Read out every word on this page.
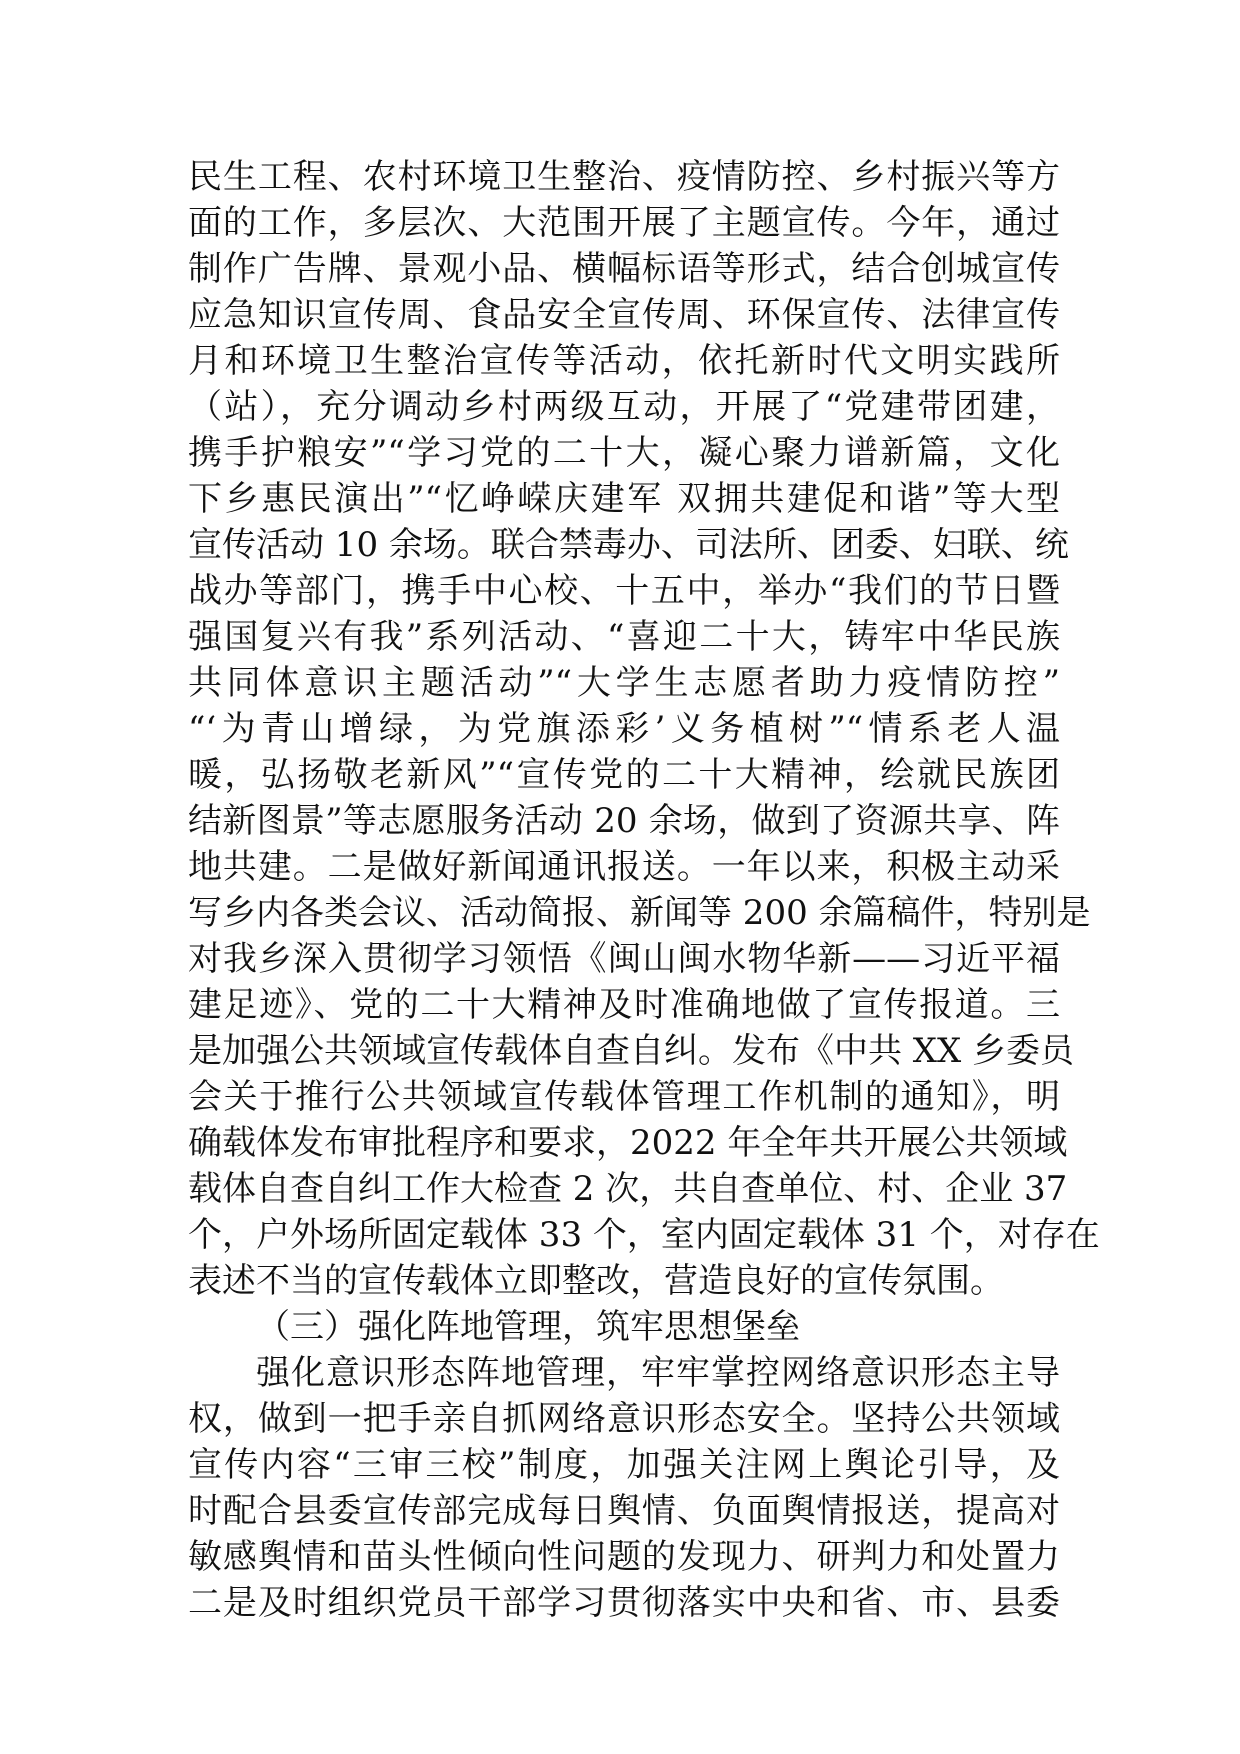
民生工程、农村环境卫生整治、疫情防控、乡村振兴等方
面的工作，多层次、大范围开展了主题宣传。今年，通过
制作广告牌、景观小品、横幅标语等形式，结合创城宣传
应急知识宣传周、食品安全宣传周、环保宣传、法律宣传
月和环境卫生整治宣传等活动，依托新时代文明实践所
（站），充分调动乡村两级互动，开展了“党建带团建，
携手护粮安”“学习党的二十大，凝心聚力谱新篇，文化
下乡惠民演出”“忆峥嵘庆建军 双拥共建促和谐”等大型
宣传活动 10 余场。联合禁毒办、司法所、团委、妇联、统
战办等部门，携手中心校、十五中，举办“我们的节日暨
强国复兴有我”系列活动、“喜迎二十大，铸牢中华民族
共同体意识主题活动”“大学生志愿者助力疫情防控”
“‘为青山增绿，为党旗添彩’义务植树”“情系老人温
暖，弘扬敬老新风”“宣传党的二十大精神，绘就民族团
结新图景”等志愿服务活动 20 余场，做到了资源共享、阵
地共建。二是做好新闻通讯报送。一年以来，积极主动采
写乡内各类会议、活动简报、新闻等 200 余篇稿件，特别是
对我乡深入贯彻学习领悟《闽山闽水物华新——习近平福
建足迹》、党的二十大精神及时准确地做了宣传报道。三
是加强公共领域宣传载体自查自纠。发布《中共 XX 乡委员
会关于推行公共领域宣传载体管理工作机制的通知》，明
确载体发布审批程序和要求，2022 年全年共开展公共领域
载体自查自纠工作大检查 2 次，共自查单位、村、企业 37
个，户外场所固定载体 33 个，室内固定载体 31 个，对存在
表述不当的宣传载体立即整改，营造良好的宣传氛围。
（三）强化阵地管理，筑牢思想堡垒
强化意识形态阵地管理，牢牢掌控网络意识形态主导
权，做到一把手亲自抓网络意识形态安全。坚持公共领域
宣传内容“三审三校”制度，加强关注网上舆论引导，及
时配合县委宣传部完成每日舆情、负面舆情报送，提高对
敏感舆情和苗头性倾向性问题的发现力、研判力和处置力
二是及时组织党员干部学习贯彻落实中央和省、市、县委
